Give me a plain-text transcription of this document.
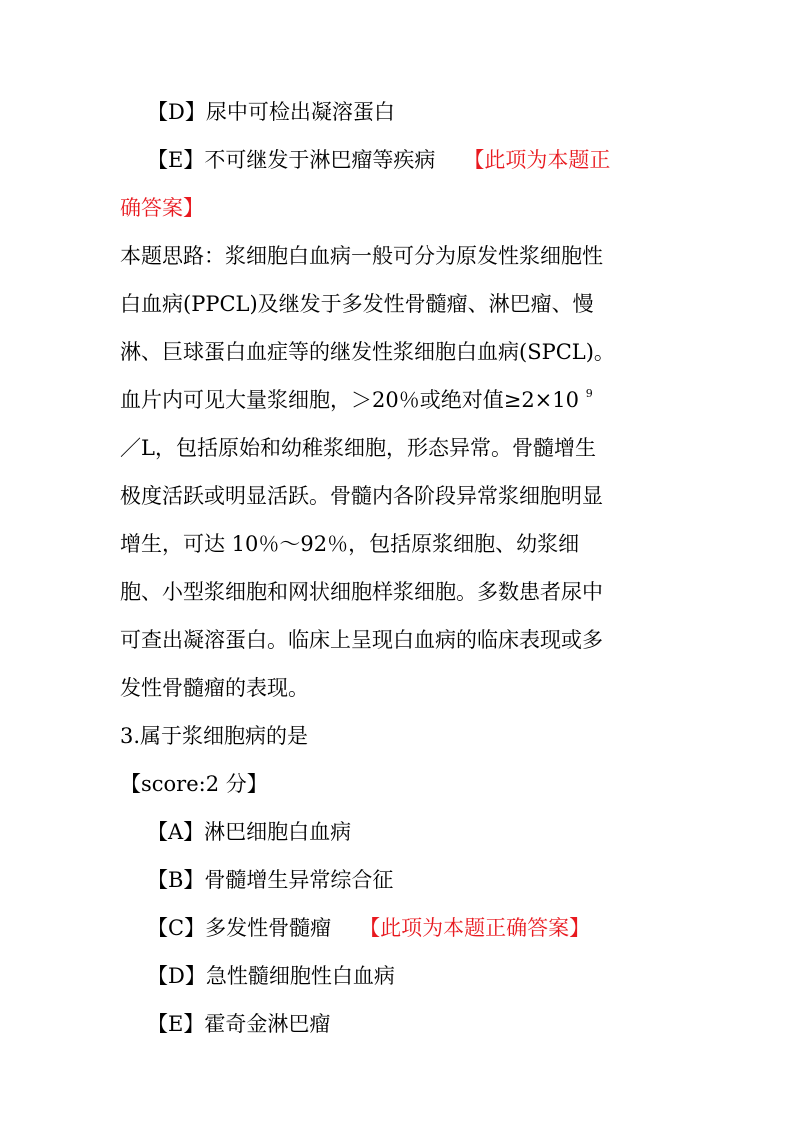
【D】尿中可检出凝溶蛋白
【E】不可继发于淋巴瘤等疾病 【此项为本题正
确答案】
本题思路：浆细胞白血病一般可分为原发性浆细胞性
白血病(PPCL)及继发于多发性骨髓瘤、淋巴瘤、慢
淋、巨球蛋白血症等的继发性浆细胞白血病(SPCL)。
血片内可见大量浆细胞，＞20％或绝对值≥2×10 $^9$
／L，包括原始和幼稚浆细胞，形态异常。骨髓增生
极度活跃或明显活跃。骨髓内各阶段异常浆细胞明显
增生，可达 10％～92％，包括原浆细胞、幼浆细
胞、小型浆细胞和网状细胞样浆细胞。多数患者尿中
可查出凝溶蛋白。临床上呈现白血病的临床表现或多
发性骨髓瘤的表现。
3.属于浆细胞病的是
【score:2 分】
【A】淋巴细胞白血病
【B】骨髓增生异常综合征
【C】多发性骨髓瘤 【此项为本题正确答案】
【D】急性髓细胞性白血病
【E】霍奇金淋巴瘤
